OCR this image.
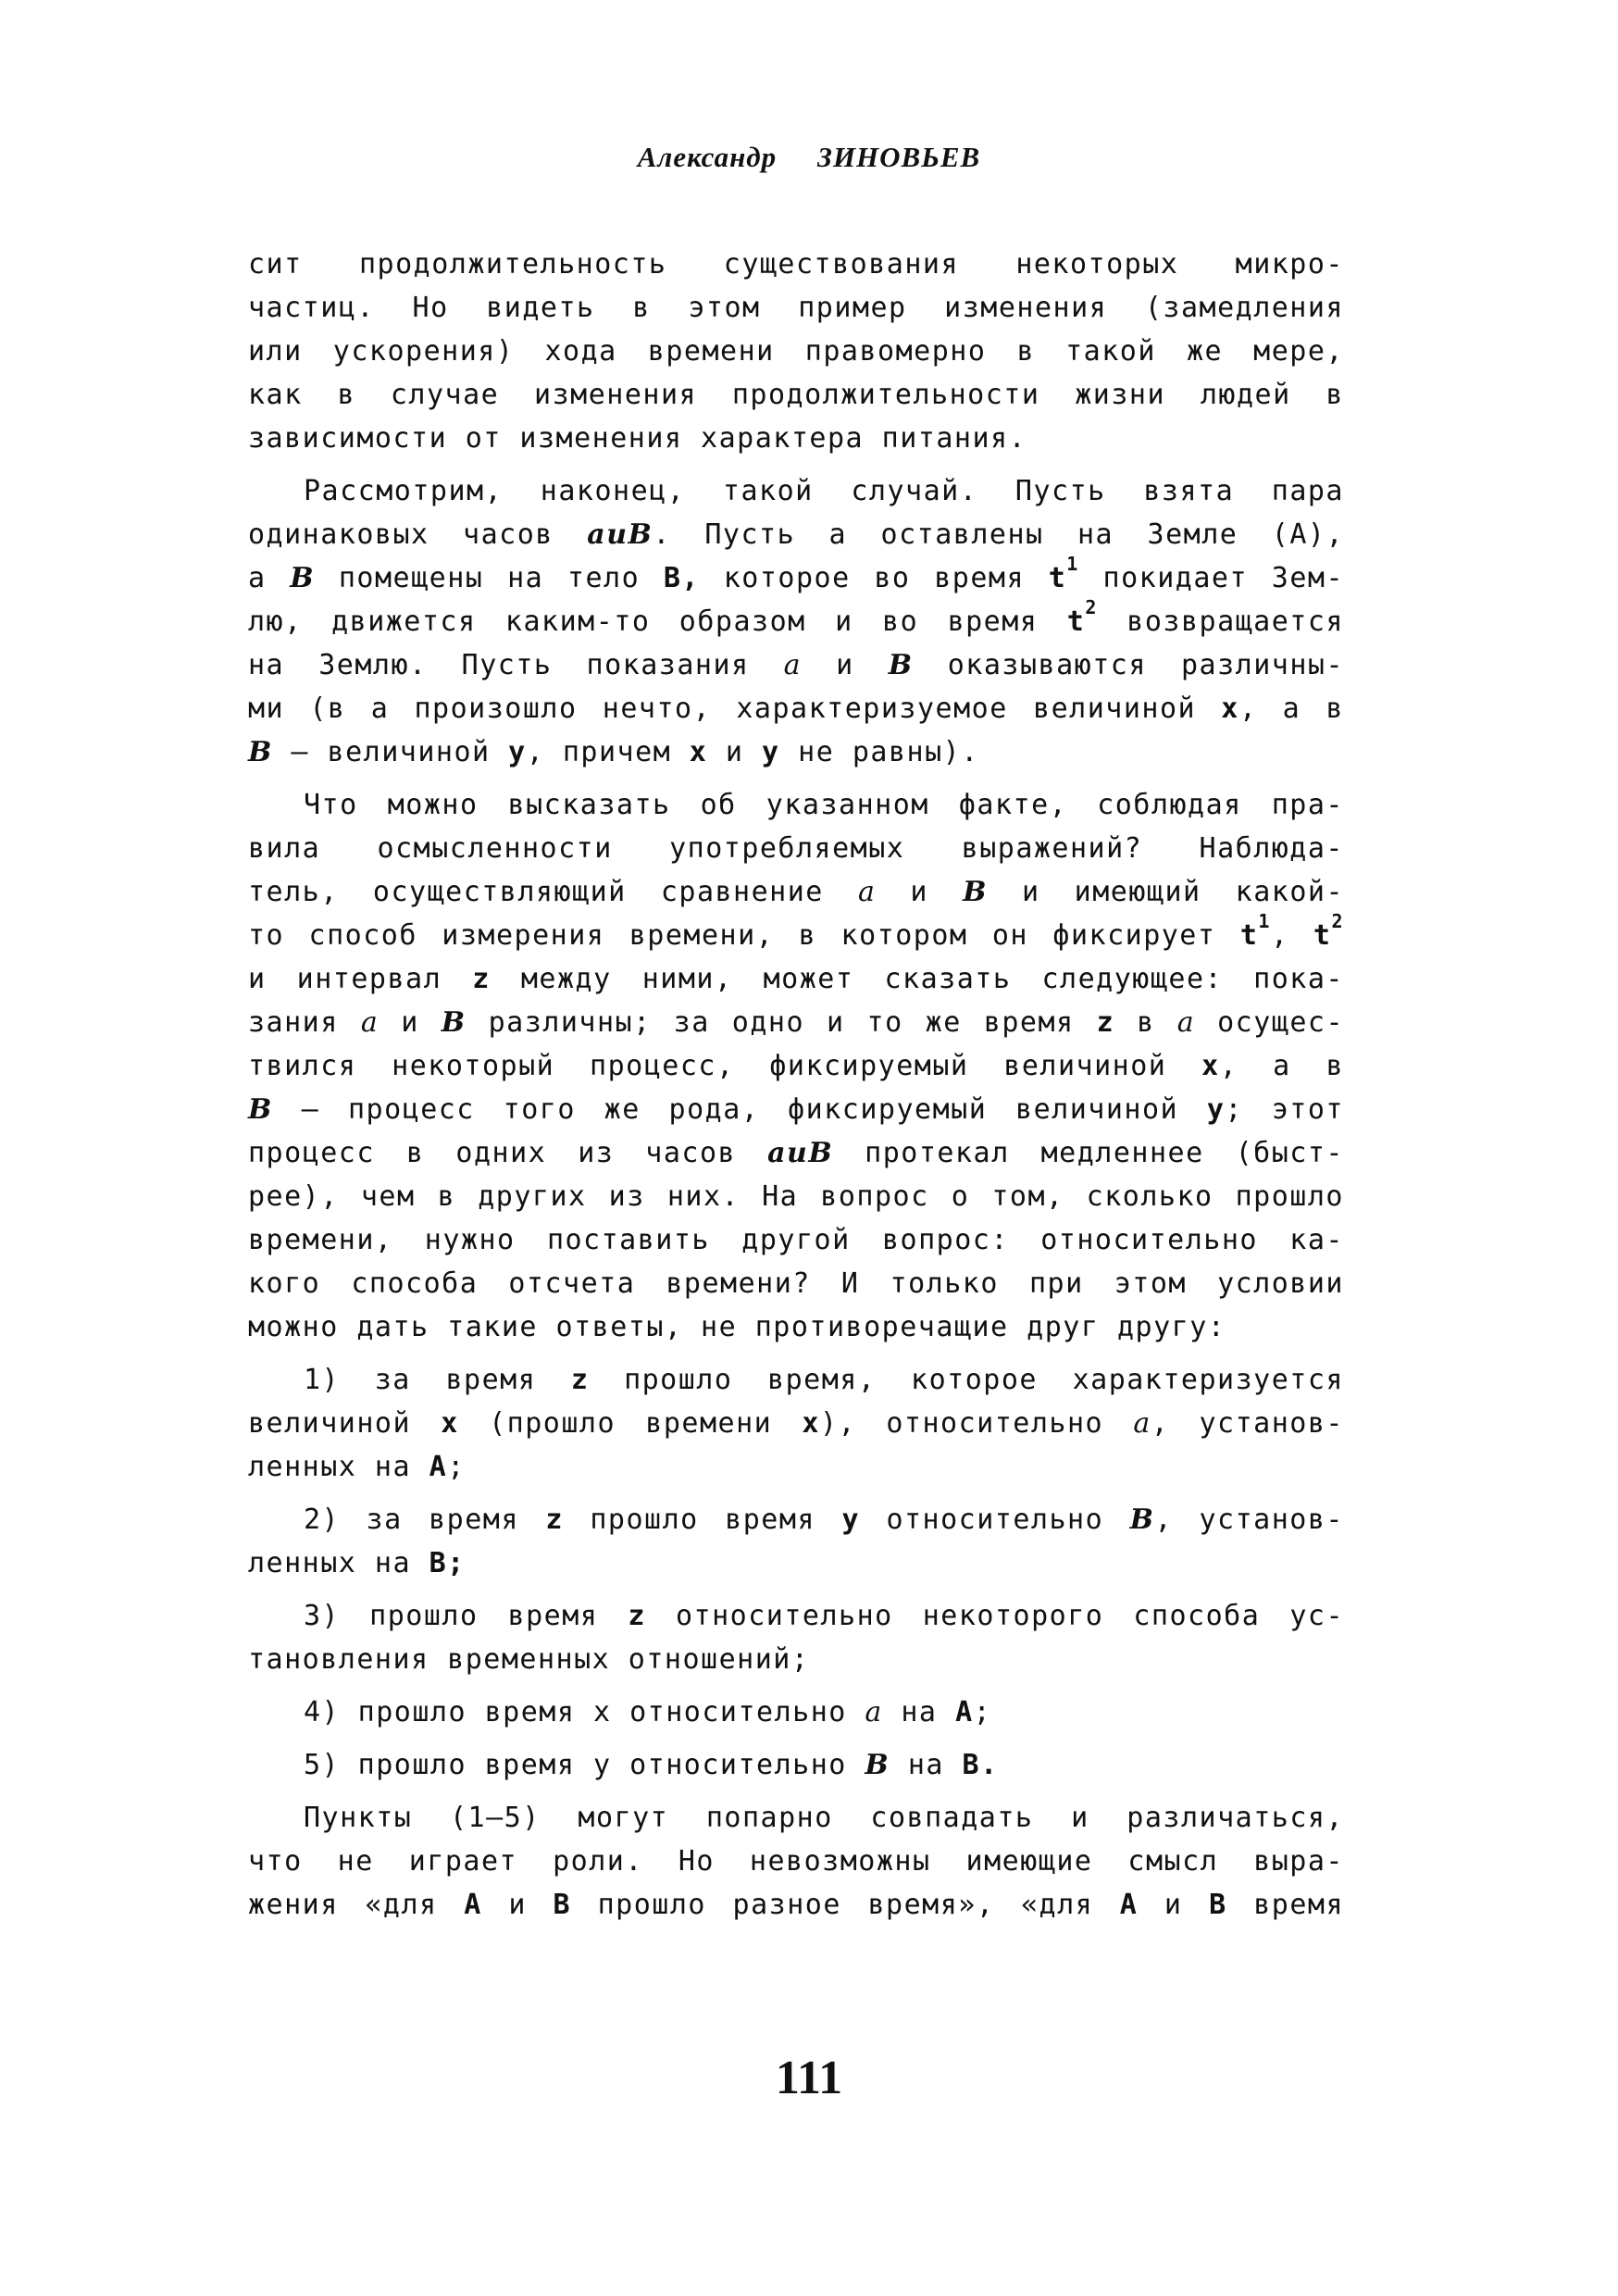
Александр ЗИНОВЬЕВ
сит продолжительность существования некоторых микро-
частиц. Но видеть в этом пример изменения (замедления
или ускорения) хода времени правомерно в такой же мере,
как в случае изменения продолжительности жизни людей в
зависимости от изменения характера питания.
Рассмотрим, наконец, такой случай. Пусть взята пара
одинаковых часов аиВ. Пусть а оставлены на Земле (А),
а В помещены на тело В, которое во время $t^1$ покидает Зем-
лю, движется каким-то образом и во время $t^2$ возвращается
на Землю. Пусть показания а и В оказываются различны-
ми (в а произошло нечто, характеризуемое величиной x, а в
В — величиной y, причем x и y не равны).
Что можно высказать об указанном факте, соблюдая пра-
вила осмысленности употребляемых выражений? Наблюда-
тель, осуществляющий сравнение а и В и имеющий какой-
то способ измерения времени, в котором он фиксирует $t^1$, $t^2$
и интервал z между ними, может сказать следующее: пока-
зания а и В различны; за одно и то же время z в а осущес-
твился некоторый процесс, фиксируемый величиной x, а в
В — процесс того же рода, фиксируемый величиной y; этот
процесс в одних из часов аиВ протекал медленнее (быст-
рее), чем в других из них. На вопрос о том, сколько прошло
времени, нужно поставить другой вопрос: относительно ка-
кого способа отсчета времени? И только при этом условии
можно дать такие ответы, не противоречащие друг другу:
1) за время z прошло время, которое характеризуется
величиной x (прошло времени x), относительно а, установ-
ленных на А;
2) за время z прошло время y относительно В, установ-
ленных на В;
3) прошло время z относительно некоторого способа ус-
тановления временных отношений;
4) прошло время х относительно а на А;
5) прошло время у относительно В на В.
Пункты (1—5) могут попарно совпадать и различаться,
что не играет роли. Но невозможны имеющие смысл выра-
жения «для А и В прошло разное время», «для А и В время
111
